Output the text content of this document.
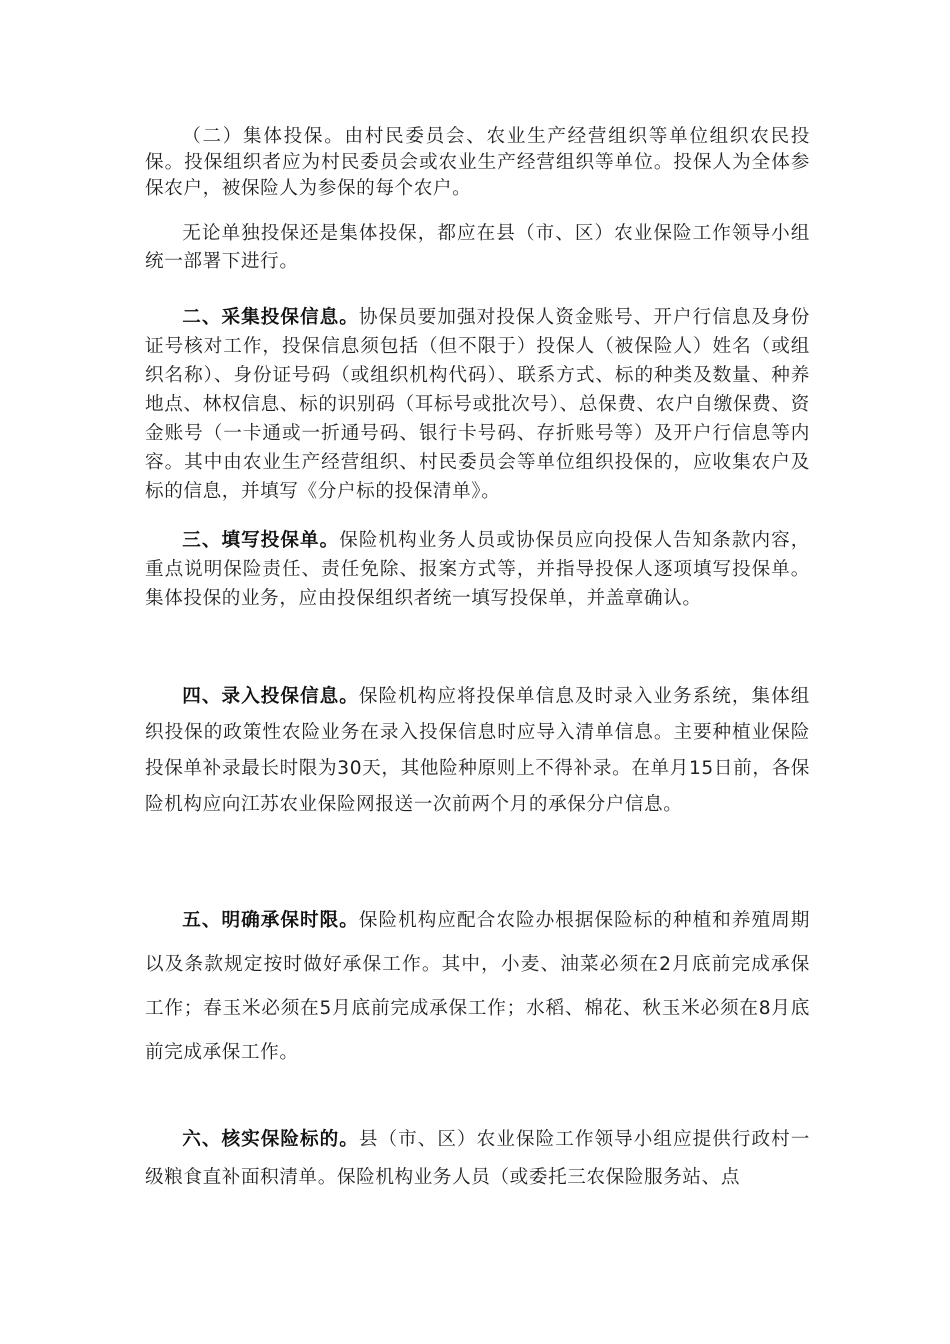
（二）集体投保。由村民委员会、农业生产经营组织等单位组织农民投保。投保组织者应为村民委员会或农业生产经营组织等单位。投保人为全体参保农户，被保险人为参保的每个农户。

无论单独投保还是集体投保，都应在县（市、区）农业保险工作领导小组统一部署下进行。

二、采集投保信息。协保员要加强对投保人资金账号、开户行信息及身份证号核对工作，投保信息须包括（但不限于）投保人（被保险人）姓名（或组织名称）、身份证号码（或组织机构代码）、联系方式、标的种类及数量、种养地点、林权信息、标的识别码（耳标号或批次号）、总保费、农户自缴保费、资金账号（一卡通或一折通号码、银行卡号码、存折账号等）及开户行信息等内容。其中由农业生产经营组织、村民委员会等单位组织投保的，应收集农户及标的信息，并填写《分户标的投保清单》。

三、填写投保单。保险机构业务人员或协保员应向投保人告知条款内容，重点说明保险责任、责任免除、报案方式等，并指导投保人逐项填写投保单。集体投保的业务，应由投保组织者统一填写投保单，并盖章确认。

四、录入投保信息。保险机构应将投保单信息及时录入业务系统，集体组织投保的政策性农险业务在录入投保信息时应导入清单信息。主要种植业保险投保单补录最长时限为30天，其他险种原则上不得补录。在单月15日前，各保险机构应向江苏农业保险网报送一次前两个月的承保分户信息。

五、明确承保时限。保险机构应配合农险办根据保险标的种植和养殖周期以及条款规定按时做好承保工作。其中，小麦、油菜必须在2月底前完成承保工作；春玉米必须在5月底前完成承保工作；水稻、棉花、秋玉米必须在8月底前完成承保工作。

六、核实保险标的。县（市、区）农业保险工作领导小组应提供行政村一级粮食直补面积清单。保险机构业务人员（或委托三农保险服务站、点
